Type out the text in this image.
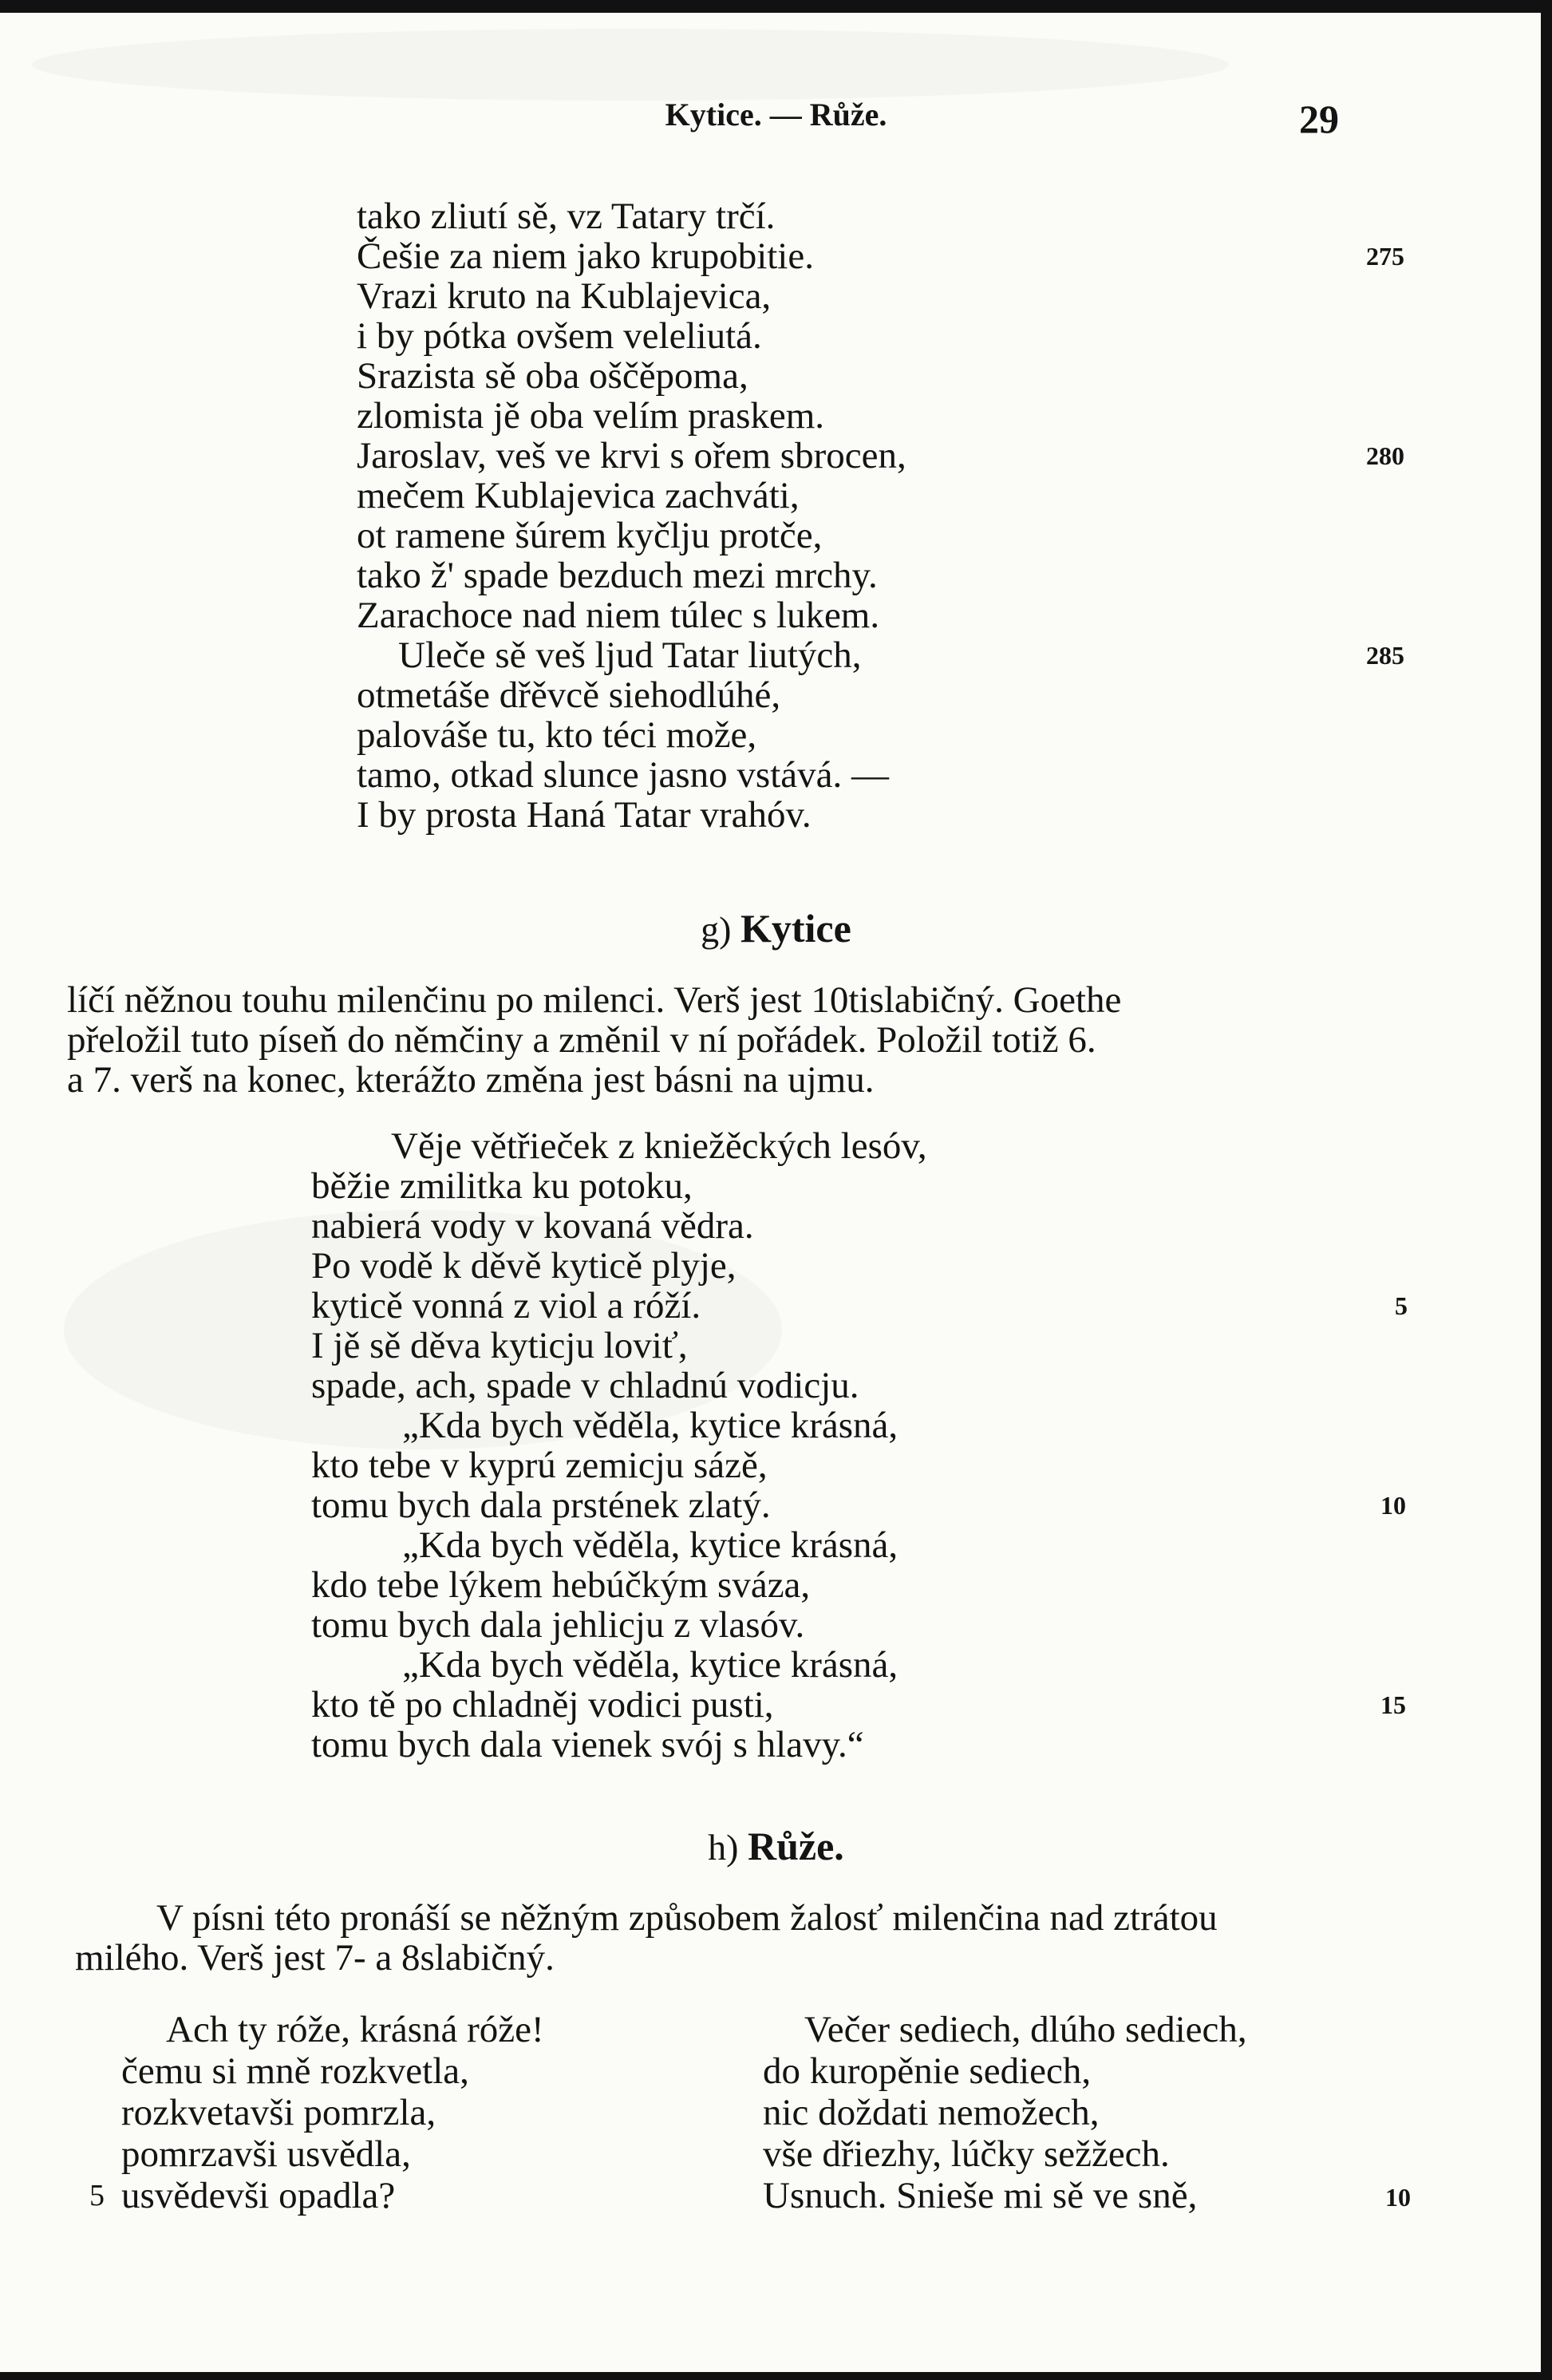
Kytice. — Růže.	29
tako zliutí sě, vz Tatary trčí.
Češie za niem jako krupobitie.
Vrazi kruto na Kublajevica,
i by pótka ovšem veleliutá.
Srazista sě oba oščěpoma,
zlomista jě oba velím praskem.
Jaroslav, veš ve krvi s ořem sbrocen,
mečem Kublajevica zachváti,
ot ramene šúrem kyčlju protče,
tako ž' spade bezduch mezi mrchy.
Zarachoce nad niem túlec s lukem.
Uleče sě veš ljud Tatar liutých,
otmetáše dřěvcě siehodlúhé,
palováše tu, kto téci može,
tamo, otkad slunce jasno vstává. —
I by prosta Haná Tatar vrahóv.
275
280
285
g) Kytice
líčí něžnou touhu milenčinu po milenci. Verš jest 10tislabičný. Goethe
přeložil tuto píseň do němčiny a změnil v ní pořádek. Položil totiž 6.
a 7. verš na konec, kterážto změna jest básni na ujmu.
Věje větřieček z kniežěckých lesóv,
běžie zmilitka ku potoku,
nabierá vody v kovaná vědra.
Po vodě k děvě kyticě plyje,
kyticě vonná z viol a róží.
I jě sě děva kyticju loviť,
spade, ach, spade v chladnú vodicju.
„Kda bych věděla, kytice krásná,
kto tebe v kyprú zemicju sázě,
tomu bych dala prstének zlatý.
„Kda bych věděla, kytice krásná,
kdo tebe lýkem hebúčkým sváza,
tomu bych dala jehlicju z vlasóv.
„Kda bych věděla, kytice krásná,
kto tě po chladněj vodici pusti,
tomu bych dala vienek svój s hlavy.“
5
10
15
h) Růže.
V písni této pronáší se něžným způsobem žalosť milenčina nad ztrátou
milého. Verš jest 7- a 8slabičný.
Ach ty róže, krásná róže!
čemu si mně rozkvetla,
rozkvetavši pomrzla,
pomrzavši usvědla,
usvědevši opadla?
5
Večer sediech, dlúho sediech,
do kuropěnie sediech,
nic doždati nemožech,
vše dřiezhy, lúčky sežžech.
Usnuch. Snieše mi sě ve sně,	10
